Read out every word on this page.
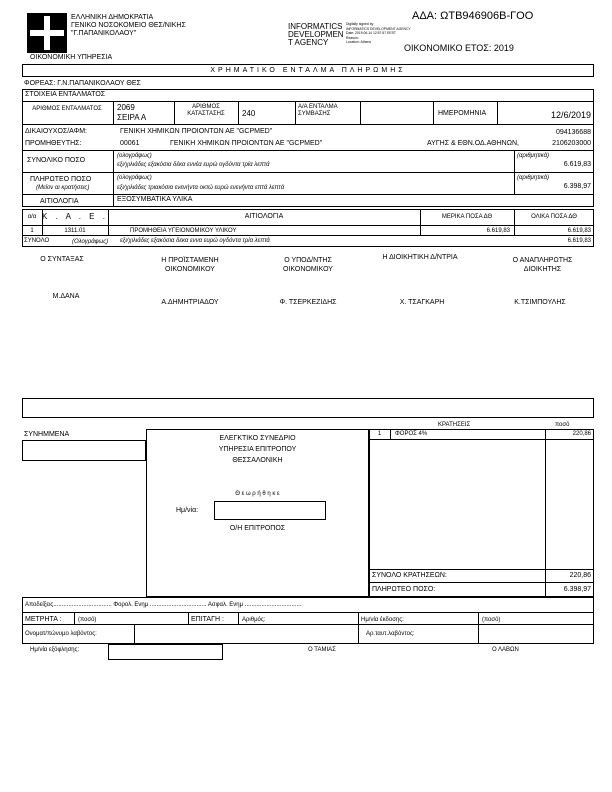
ΕΛΛΗΝΙΚΗ ΔΗΜΟΚΡΑΤΙΑ
ΓΕΝΙΚΟ ΝΟΣΟΚΟΜΕΙΟ ΘΕΣ/ΝΙΚΗΣ
"Γ.ΠΑΠΑΝΙΚΟΛΑΟΥ"
ΟΙΚΟΝΟΜΙΚΗ ΥΠΗΡΕΣΙΑ
INFORMATICS
DEVELOPMEN
T AGENCY
Digitally signed by
INFORMATICS DEVELOPMENT AGENCY
Date: 2019.06.14 12:57:57 EEST
Reason:
Location: Athens
ΑΔΑ: ΩΤΒ946906Β-ΓΟΟ
ΟΙΚΟΝΟΜΙΚΟ ΕΤΟΣ: 2019
ΧΡΗΜΑΤΙΚΟ ΕΝΤΑΛΜΑ ΠΛΗΡΩΜΗΣ
ΦΟΡΕΑΣ: Γ.Ν.ΠΑΠΑΝΙΚΟΛΑΟΥ ΘΕΣ
ΣΤΟΙΧΕΙΑ ΕΝΤΑΛΜΑΤΟΣ
ΑΡΙΘΜΟΣ ΕΝΤΑΛΜΑΤΟΣ	2069
ΣΕΙΡΑ Α
ΑΡΙΘΜΟΣ ΚΑΤΑΣΤΑΣΗΣ	240
Α/Α ΕΝΤΑΛΜΑ ΣΥΜΒΑΣΗΣ	ΗΜΕΡΟΜΗΝΙΑ	12/6/2019
ΔΙΚΑΙΟΥΧΟΣ/ΑΦΜ:	ΓΕΝΙΚΗ ΧΗΜΙΚΩΝ ΠΡΟΙΟΝΤΩΝ ΑΕ "GCPMED"	094136688
ΠΡΟΜΗΘΕΥΤΗΣ:	00061	ΓΕΝΙΚΗ ΧΗΜΙΚΩΝ ΠΡΟΙΟΝΤΩΝ ΑΕ "GCPMED"	ΑΥΓΗΣ & ΕΘΝ.ΟΔ.ΑΘΗΝΩΝ,	2106203000
ΣΥΝΟΛΙΚΟ ΠΟΣΟ
(ολογράφως)
εξι/χιλιάδες εξακόσια δέκα εννέα ευρώ ογδόντα τρία λεπτά
(αριθμητικά)
6.619,83
ΠΛΗΡΩΤΕΟ ΠΟΣΟ
(Μείον αι κρατήσεις)
(ολογράφως)
εξι/χιλιάδες τριακόσια ενενήντα οκτώ ευρώ ενενήντα επτά λεπτά
(αριθμητικά)
6.398,97
ΑΙΤΙΟΛΟΓΙΑ	ΕΞΟΣΥΜΒΑΤΙΚΑ ΥΛΙΚΑ
α/α Κ . Α . Ε .	ΑΙΤΙΟΛΟΓΙΑ	ΜΕΡΙΚΑ ΠΟΣΑ ΔΘ	ΟΛΙΚΑ ΠΟΣΑ ΔΘ
1	1311.01	ΠΡΟΜΗΘΕΙΑ ΥΓΕΙΟΝΟΜΙΚΟΥ ΥΛΙΚΟΥ	6.619,83	6.619,83
ΣΥΝΟΛΟ	(Ολογράφως) εξι/χιλιάδες εξακόσια δεκα εννα ευρώ ογδόντα τρία λεπτά	6.619,83
Ο ΣΥΝΤΑΞΑΣ	Η ΠΡΟΪΣΤΑΜΕΝΗ ΟΙΚΟΝΟΜΙΚΟΥ
Ο ΥΠΟΔ/ΝΤΗΣ ΟΙΚΟΝΟΜΙΚΟΥ
Η ΔΙΟΙΚΗΤΙΚΗ Δ/ΝΤΡΙΑ	Ο ΑΝΑΠΛΗΡΩΤΗΣ ΔΙΟΙΚΗΤΗΣ
Μ.ΔΑΝΑ
Α.ΔΗΜΗΤΡΙΑΔΟΥ	Φ. ΤΣΕΡΚΕΖΙΔΗΣ	Χ. ΤΣΑΓΚΑΡΗ	Κ.ΤΣΙΜΠΟΥΛΗΣ
ΣΥΝΗΜΜΕΝΑ
ΕΛΕΓΚΤΙΚΟ ΣΥΝΕΔΡΙΟ
ΥΠΗΡΕΣΙΑ ΕΠΙΤΡΟΠΟΥ
ΘΕΣΣΑΛΟΝΙΚΗ
Θ ε ω ρ ή θ η κ ε
Ημ/νία:
Ο/Η ΕΠΙΤΡΟΠΟΣ
ΚΡΑΤΗΣΕΙΣ	ποσό
1	ΦΟΡΟΣ 4%	220,86
ΣΥΝΟΛΟ ΚΡΑΤΗΣΕΩΝ:	220,86
ΠΛΗΡΩΤΕΟ ΠΟΣΟ:	6.398,97
Αποδείξεις................................... Φορολ. Ενημ .................................. Ασφαλ. Ενημ ..................................
ΜΕΤΡΗΤΑ :	(ποσό)	ΕΠΙΤΑΓΗ :	Αριθμός:	Ημ/νία έκδοσης:	(ποσό)
Ονοματ/πώνυμο λαβόντος:	Αρ.ταυτ.λαβόντος:
Ημ/νία εξόφλησης:	Ο ΤΑΜΙΑΣ	Ο ΛΑΒΩΝ
